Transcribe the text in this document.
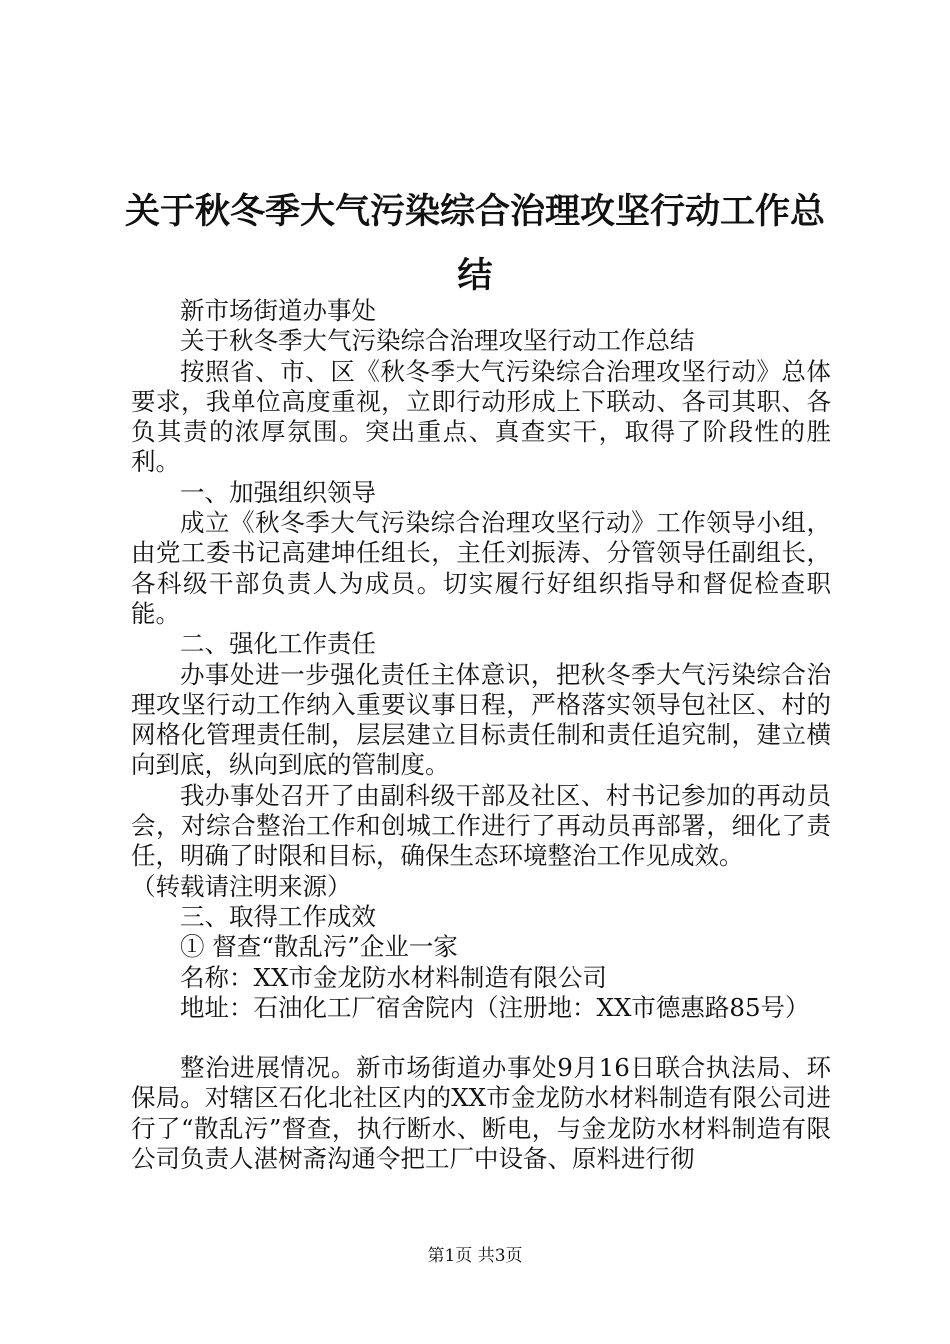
关于秋冬季大气污染综合治理攻坚行动工作总结

新市场街道办事处

关于秋冬季大气污染综合治理攻坚行动工作总结

按照省、市、区《秋冬季大气污染综合治理攻坚行动》总体要求，我单位高度重视，立即行动形成上下联动、各司其职、各负其责的浓厚氛围。突出重点、真查实干，取得了阶段性的胜利。

一、加强组织领导

成立《秋冬季大气污染综合治理攻坚行动》工作领导小组，由党工委书记高建坤任组长，主任刘振涛、分管领导任副组长，各科级干部负责人为成员。切实履行好组织指导和督促检查职能。

二、强化工作责任

办事处进一步强化责任主体意识，把秋冬季大气污染综合治理攻坚行动工作纳入重要议事日程，严格落实领导包社区、村的网格化管理责任制，层层建立目标责任制和责任追究制，建立横向到底，纵向到底的管制度。

我办事处召开了由副科级干部及社区、村书记参加的再动员会，对综合整治工作和创城工作进行了再动员再部署，细化了责任，明确了时限和目标，确保生态环境整治工作见成效。

（转载请注明来源）

三、取得工作成效

① 督查“散乱污”企业一家

名称：XX市金龙防水材料制造有限公司

地址：石油化工厂宿舍院内（注册地：XX市德惠路85号）

整治进展情况。新市场街道办事处9月16日联合执法局、环保局。对辖区石化北社区内的XX市金龙防水材料制造有限公司进行了“散乱污”督查，执行断水、断电，与金龙防水材料制造有限公司负责人湛树斋沟通令把工厂中设备、原料进行彻

第1页 共3页
